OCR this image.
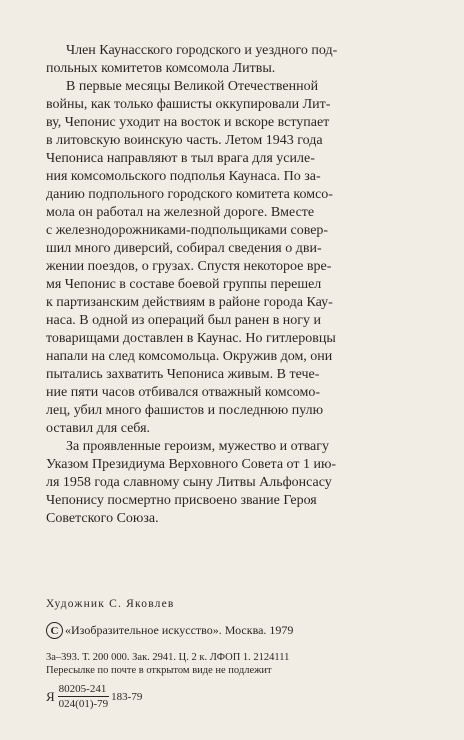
Член Каунасского городского и уездного под-
польных комитетов комсомола Литвы.

В первые месяцы Великой Отечественной
войны, как только фашисты оккупировали Лит-
ву, Чепонис уходит на восток и вскоре вступает
в литовскую воинскую часть. Летом 1943 года
Чепониса направляют в тыл врага для усиле-
ния комсомольского подполья Каунаса. По за-
данию подпольного городского комитета комсо-
мола он работал на железной дороге. Вместе
с железнодорожниками-подпольщиками совер-
шил много диверсий, собирал сведения о дви-
жении поездов, о грузах. Спустя некоторое вре-
мя Чепонис в составе боевой группы перешел
к партизанским действиям в районе города Кау-
наса. В одной из операций был ранен в ногу и
товарищами доставлен в Каунас. Но гитлеровцы
напали на след комсомольца. Окружив дом, они
пытались захватить Чепониса живым. В тече-
ние пяти часов отбивался отважный комсомо-
лец, убил много фашистов и последнюю пулю
оставил для себя.

За проявленные героизм, мужество и отвагу
Указом Президиума Верховного Совета от 1 ию-
ля 1958 года славному сыну Литвы Альфонсасу
Чепонису посмертно присвоено звание Героя
Советского Союза.

Художник С. Яковлев
С «Изобразительное искусство». Москва. 1979
3а–393. Т. 200 000. Зак. 2941. Ц. 2 к. ЛФОП 1. 2124111
Пересылке по почте в открытом виде не подлежит
Я $\frac{80205-241}{024(01)-79} 183-79$
